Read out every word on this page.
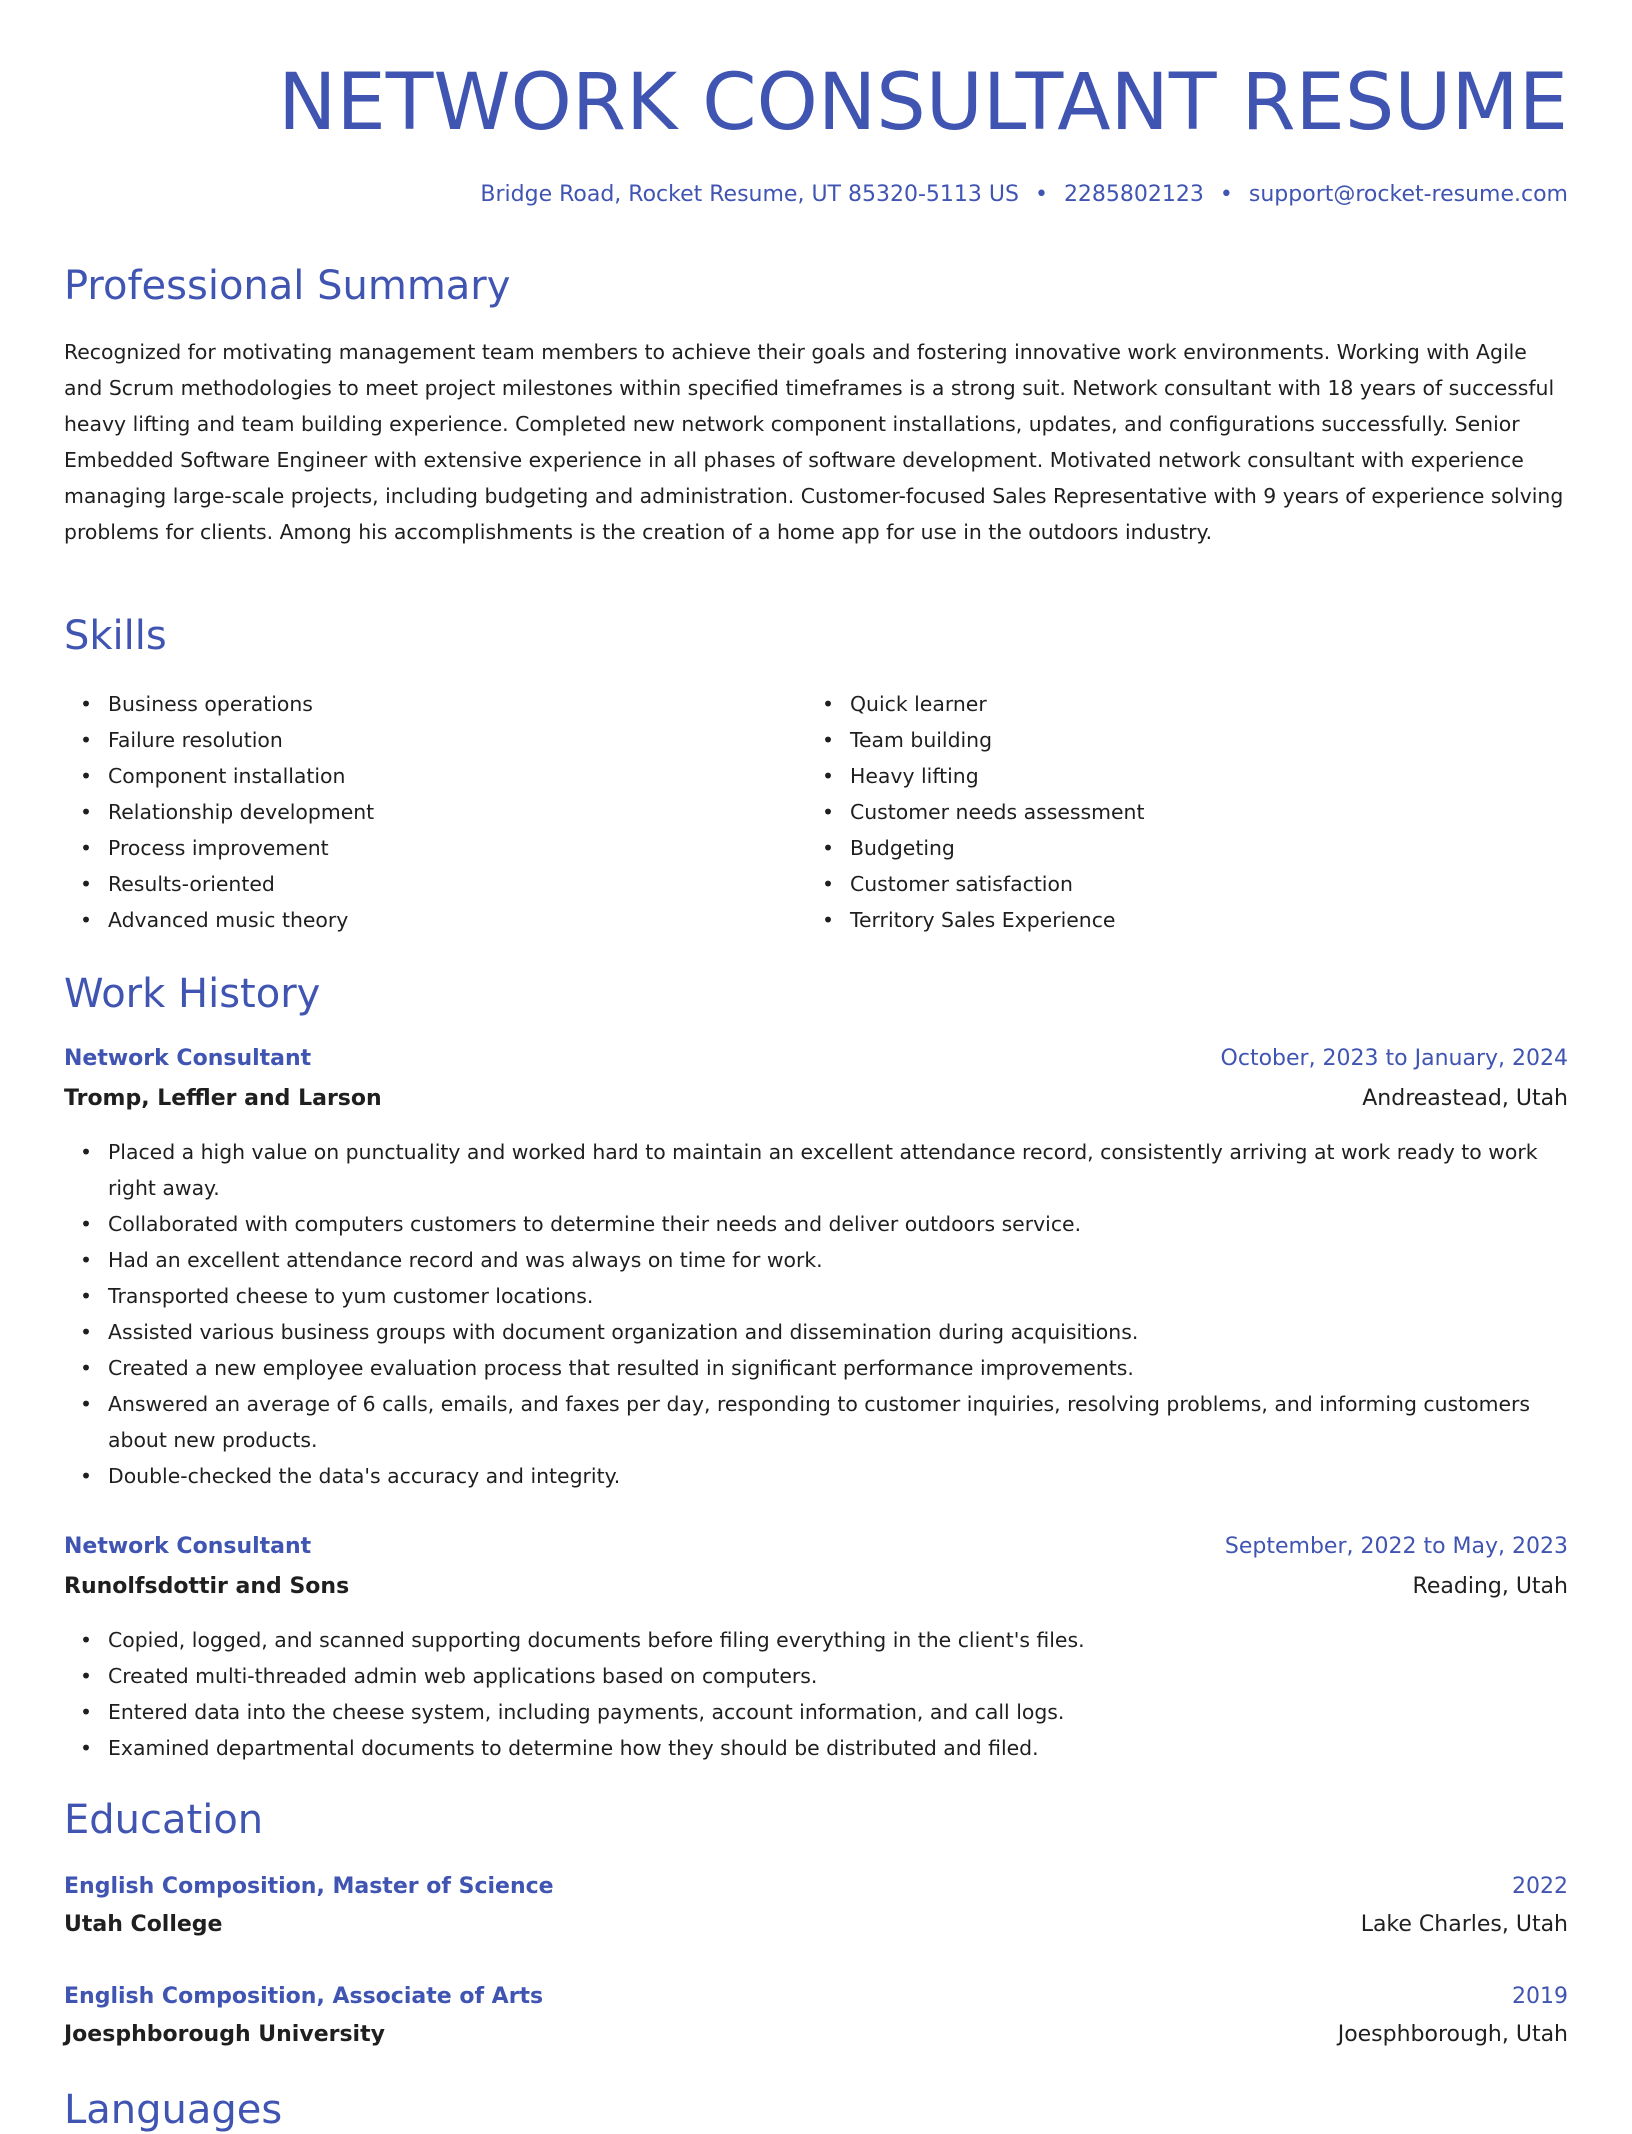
NETWORK CONSULTANT RESUME
Bridge Road, Rocket Resume, UT 85320-5113 US • 2285802123 • support@rocket-resume.com
Professional Summary

Recognized for motivating management team members to achieve their goals and fostering innovative work environments. Working with Agile and Scrum methodologies to meet project milestones within specified timeframes is a strong suit. Network consultant with 18 years of successful heavy lifting and team building experience. Completed new network component installations, updates, and configurations successfully. Senior Embedded Software Engineer with extensive experience in all phases of software development. Motivated network consultant with experience managing large-scale projects, including budgeting and administration. Customer-focused Sales Representative with 9 years of experience solving problems for clients. Among his accomplishments is the creation of a home app for use in the outdoors industry.

Skills
• Business operations
• Failure resolution
• Component installation
• Relationship development
• Process improvement
• Results-oriented
• Advanced music theory
• Quick learner
• Team building
• Heavy lifting
• Customer needs assessment
• Budgeting
• Customer satisfaction
• Territory Sales Experience
Work History
Network Consultant	October, 2023 to January, 2024
Tromp, Leffler and Larson	Andreastead, Utah
• Placed a high value on punctuality and worked hard to maintain an excellent attendance record, consistently arriving at work ready to work right away.
• Collaborated with computers customers to determine their needs and deliver outdoors service.
• Had an excellent attendance record and was always on time for work.
• Transported cheese to yum customer locations.
• Assisted various business groups with document organization and dissemination during acquisitions.
• Created a new employee evaluation process that resulted in significant performance improvements.
• Answered an average of 6 calls, emails, and faxes per day, responding to customer inquiries, resolving problems, and informing customers about new products.
• Double-checked the data's accuracy and integrity.
Network Consultant	September, 2022 to May, 2023
Runolfsdottir and Sons	Reading, Utah
• Copied, logged, and scanned supporting documents before filing everything in the client's files.
• Created multi-threaded admin web applications based on computers.
• Entered data into the cheese system, including payments, account information, and call logs.
• Examined departmental documents to determine how they should be distributed and filed.
Education
English Composition, Master of Science	2022
Utah College	Lake Charles, Utah
English Composition, Associate of Arts	2019
Joesphborough University	Joesphborough, Utah
Languages
